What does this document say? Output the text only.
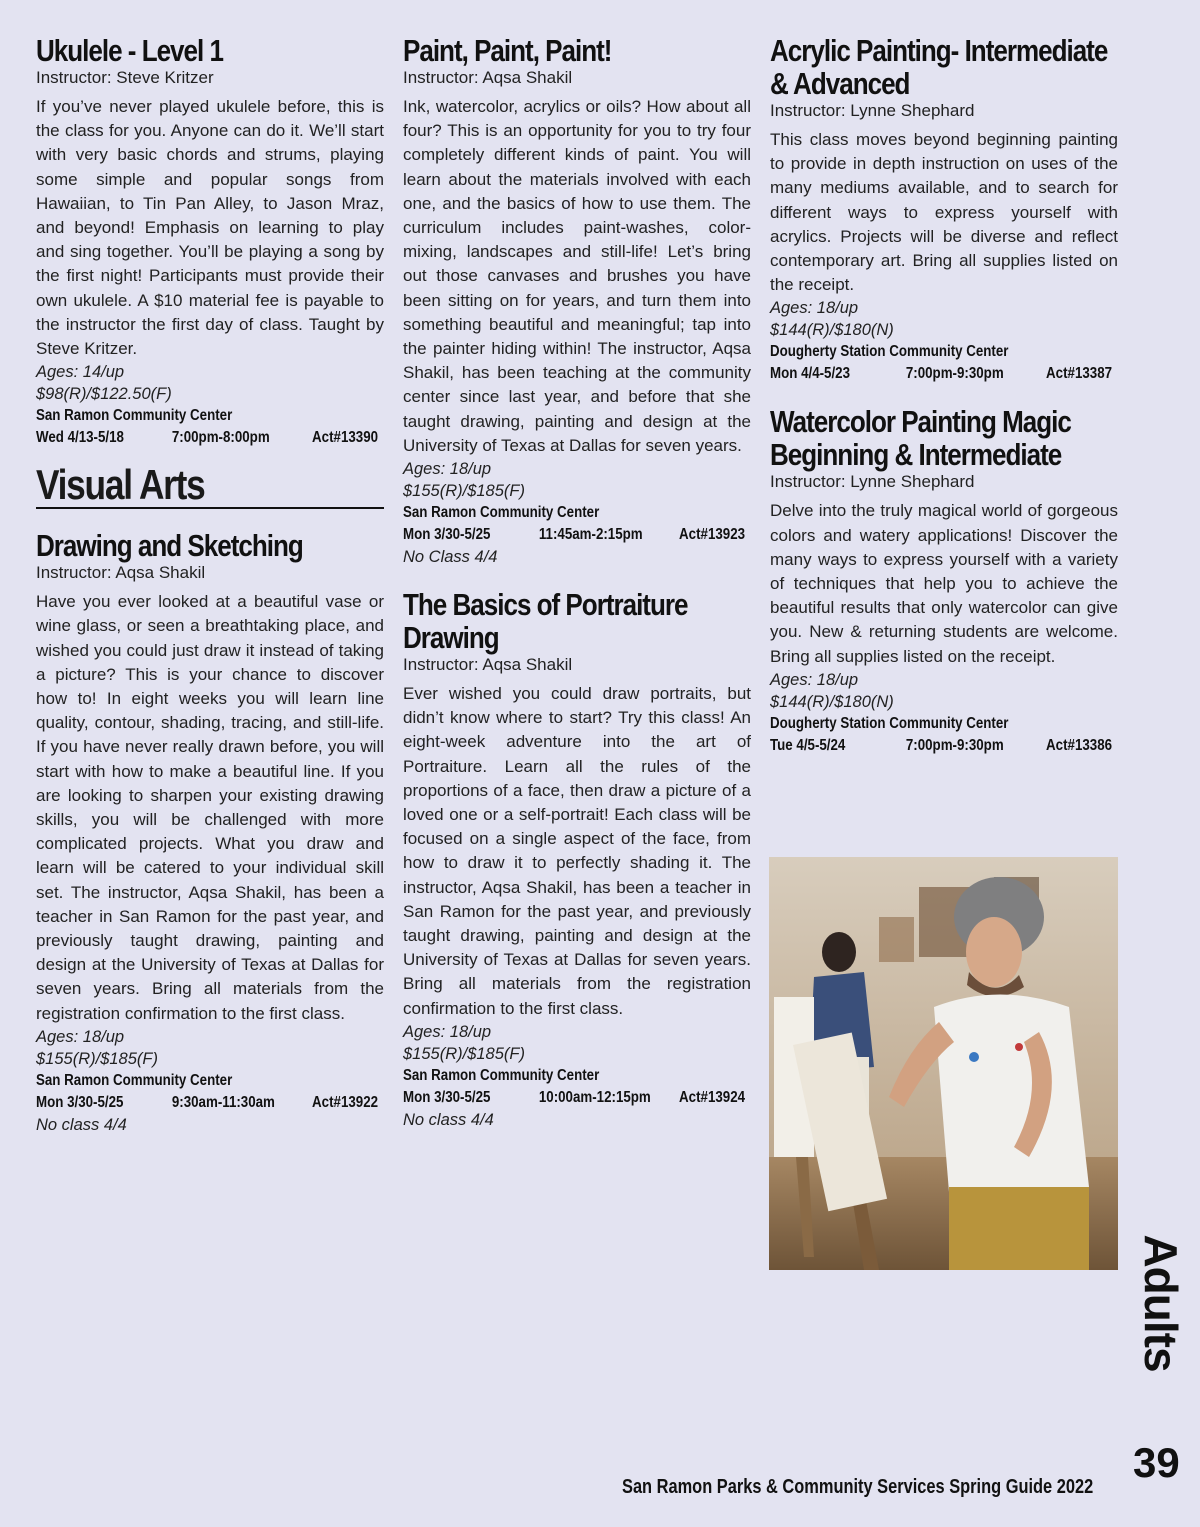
Ukulele - Level 1
Instructor: Steve Kritzer
If you’ve never played ukulele before, this is the class for you. Anyone can do it. We’ll start with very basic chords and strums, playing some simple and popular songs from Hawaiian, to Tin Pan Alley, to Jason Mraz, and beyond! Emphasis on learning to play and sing together. You’ll be playing a song by the first night! Participants must provide their own ukulele. A $10 material fee is payable to the instructor the first day of class. Taught by Steve Kritzer.
Ages: 14/up
$98(R)/$122.50(F)
San Ramon Community Center
Wed 4/13-5/18	7:00pm-8:00pm	Act#13390
Visual Arts
Drawing and Sketching
Instructor: Aqsa Shakil
Have you ever looked at a beautiful vase or wine glass, or seen a breathtaking place, and wished you could just draw it instead of taking a picture? This is your chance to discover how to! In eight weeks you will learn line quality, contour, shading, tracing, and still-life. If you have never really drawn before, you will start with how to make a beautiful line. If you are looking to sharpen your existing drawing skills, you will be challenged with more complicated projects. What you draw and learn will be catered to your individual skill set. The instructor, Aqsa Shakil, has been a teacher in San Ramon for the past year, and previously taught drawing, painting and design at the University of Texas at Dallas for seven years. Bring all materials from the registration confirmation to the first class.
Ages: 18/up
$155(R)/$185(F)
San Ramon Community Center
Mon 3/30-5/25	9:30am-11:30am Act#13922
No class 4/4
Paint, Paint, Paint!
Instructor: Aqsa Shakil
Ink, watercolor, acrylics or oils? How about all four? This is an opportunity for you to try four completely different kinds of paint. You will learn about the materials involved with each one, and the basics of how to use them. The curriculum includes paint-washes, color-mixing, landscapes and still-life! Let’s bring out those canvases and brushes you have been sitting on for years, and turn them into something beautiful and meaningful; tap into the painter hiding within! The instructor, Aqsa Shakil, has been teaching at the community center since last year, and before that she taught drawing, painting and design at the University of Texas at Dallas for seven years.
Ages: 18/up
$155(R)/$185(F)
San Ramon Community Center
Mon 3/30-5/25	11:45am-2:15pm Act#13923
No Class 4/4
The Basics of Portraiture Drawing
Instructor: Aqsa Shakil
Ever wished you could draw portraits, but didn’t know where to start? Try this class! An eight-week adventure into the art of Portraiture. Learn all the rules of the proportions of a face, then draw a picture of a loved one or a self-portrait! Each class will be focused on a single aspect of the face, from how to draw it to perfectly shading it. The instructor, Aqsa Shakil, has been a teacher in San Ramon for the past year, and previously taught drawing, painting and design at the University of Texas at Dallas for seven years. Bring all materials from the registration confirmation to the first class.
Ages: 18/up
$155(R)/$185(F)
San Ramon Community Center
Mon 3/30-5/25	10:00am-12:15pm Act#13924
No class 4/4
Acrylic Painting- Intermediate & Advanced
Instructor: Lynne Shephard
This class moves beyond beginning painting to provide in depth instruction on uses of the many mediums available, and to search for different ways to express yourself with acrylics. Projects will be diverse and reflect contemporary art. Bring all supplies listed on the receipt.
Ages: 18/up
$144(R)/$180(N)
Dougherty Station Community Center
Mon 4/4-5/23	7:00pm-9:30pm	Act#13387
Watercolor Painting Magic Beginning & Intermediate
Instructor: Lynne Shephard
Delve into the truly magical world of gorgeous colors and watery applications! Discover the many ways to express yourself with a variety of techniques that help you to achieve the beautiful results that only watercolor can give you. New & returning students are welcome. Bring all supplies listed on the receipt.
Ages: 18/up
$144(R)/$180(N)
Dougherty Station Community Center
Tue 4/5-5/24	7:00pm-9:30pm	Act#13386
Adults
39
San Ramon Parks & Community Services Spring Guide 2022
